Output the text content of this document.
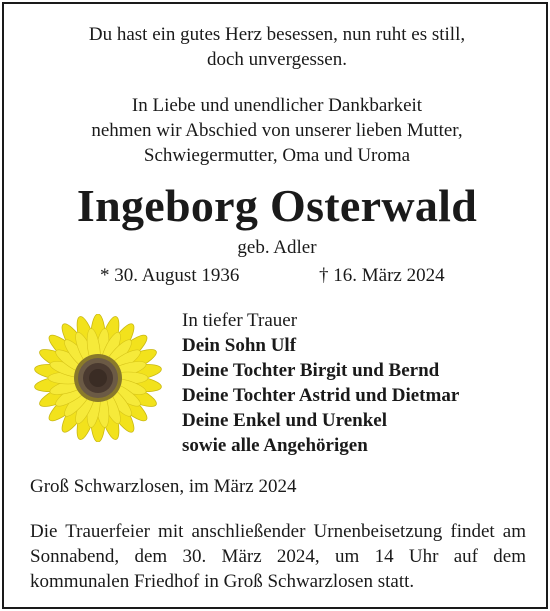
Du hast ein gutes Herz besessen, nun ruht es still,
doch unvergessen.
In Liebe und unendlicher Dankbarkeit
nehmen wir Abschied von unserer lieben Mutter,
Schwiegermutter, Oma und Uroma
Ingeborg Osterwald
geb. Adler
* 30. August 1936	† 16. März 2024
In tiefer Trauer
Dein Sohn Ulf
Deine Tochter Birgit und Bernd
Deine Tochter Astrid und Dietmar
Deine Enkel und Urenkel
sowie alle Angehörigen
Groß Schwarzlosen, im März 2024
Die Trauerfeier mit anschließender Urnenbeisetzung findet am Sonnabend, dem 30. März 2024, um 14 Uhr auf dem kommunalen Friedhof in Groß Schwarzlosen statt.
